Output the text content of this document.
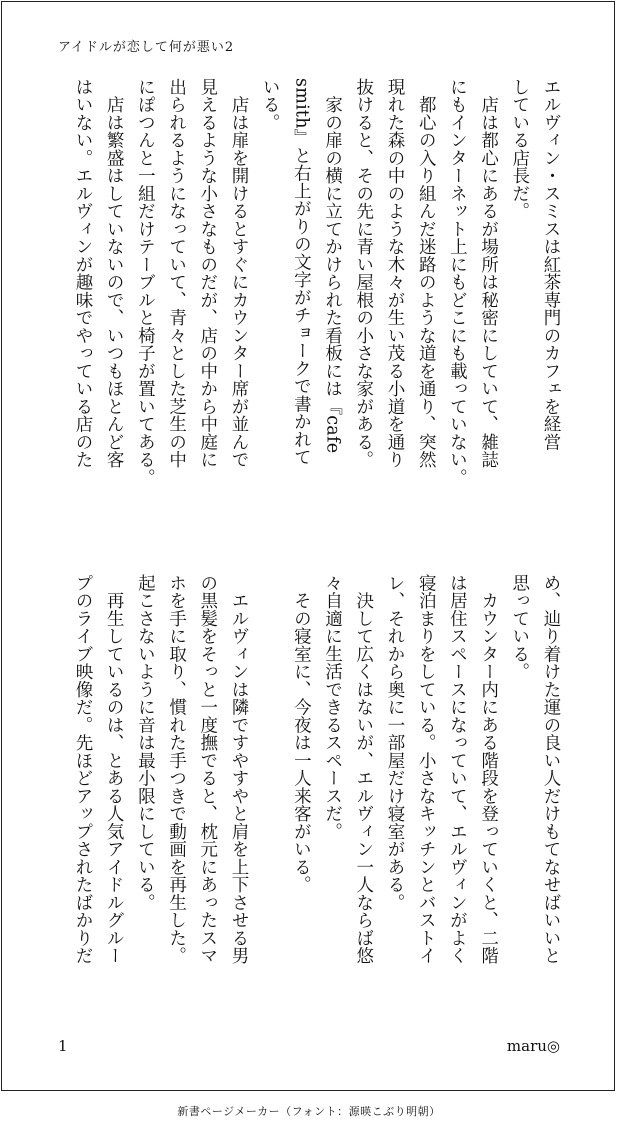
アイドルが恋して何が悪い2

エルヴィン・スミスは紅茶専門のカフェを経営

している店長だ。

　店は都心にあるが場所は秘密にしていて、雑誌

にもインターネット上にもどこにも載っていない。

　都心の入り組んだ迷路のような道を通り、突然

現れた森の中のような木々が生い茂る小道を通り

抜けると、その先に青い屋根の小さな家がある。

　家の扉の横に立てかけられた看板には『cafe

smith』と右上がりの文字がチョークで書かれて

いる。

　店は扉を開けるとすぐにカウンター席が並んで

見えるような小さなものだが、店の中から中庭に

出られるようになっていて、青々とした芝生の中

にぽつんと一組だけテーブルと椅子が置いてある。

　店は繁盛はしていないので、いつもほとんど客

はいない。エルヴィンが趣味でやっている店のた

め、辿り着けた運の良い人だけもてなせばいいと

思っている。

　カウンター内にある階段を登っていくと、二階

は居住スペースになっていて、エルヴィンがよく

寝泊まりをしている。小さなキッチンとバストイ

レ、それから奥に一部屋だけ寝室がある。

　決して広くはないが、エルヴィン一人ならば悠

々自適に生活できるスペースだ。

　その寝室に、今夜は一人来客がいる。

　エルヴィンは隣ですやすやと肩を上下させる男

の黒髪をそっと一度撫でると、枕元にあったスマ

ホを手に取り、慣れた手つきで動画を再生した。

起こさないように音は最小限にしている。

　再生しているのは、とある人気アイドルグルー

プのライブ映像だ。先ほどアップされたばかりだ

1	maru◎
新書ページメーカー（フォント：源暎こぶり明朝）
